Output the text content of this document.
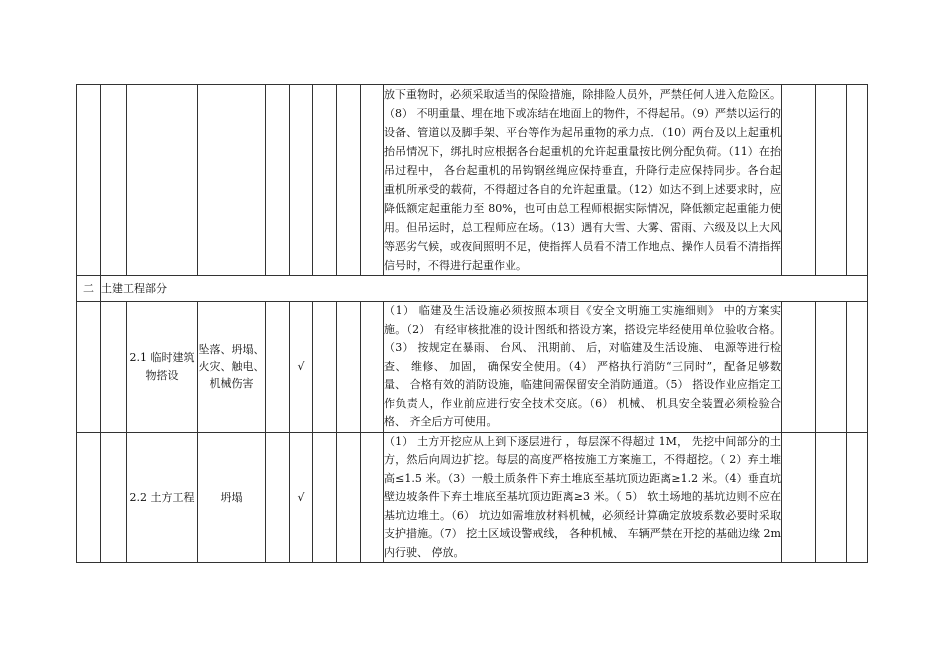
									放下重物时，必须采取适当的保险措施，除排险人员外，严禁任何人进入危险区。（8） 不明重量、埋在地下或冻结在地面上的物件，不得起吊。（9）严禁以运行的设备、管道以及脚手架、平台等作为起吊重物的承力点．（10）两台及以上起重机抬吊情况下，绑扎时应根据各台起重机的允许起重量按比例分配负荷。（11）在抬吊过程中， 各台起重机的吊钩钢丝绳应保持垂直，升降行走应保持同步。各台起重机所承受的载荷，不得超过各自的允许起重量。（12）如达不到上述要求时，应降低额定起重能力至 80%，也可由总工程师根据实际情况，降低额定起重能力使用。但吊运时，总工程师应在场。（13）遇有大雪、大雾、雷雨、六级及以上大风等恶劣气候，或夜间照明不足，使指挥人员看不清工作地点、操作人员看不清指挥信号时，不得进行起重作业。			
二	土建工程部分											
		2.1 临时建筑物搭设	坠落、坍塌、火灾、触电、机械伤害		√				（1） 临建及生活设施必须按照本项目《安全文明施工实施细则》 中的方案实施。（2） 有经审核批准的设计图纸和搭设方案，搭设完毕经使用单位验收合格。（3） 按规定在暴雨、 台风、 汛期前、 后，对临建及生活设施、 电源等进行检查、 维修、 加固， 确保安全使用。（4） 严格执行消防“三同时”，配备足够数量、 合格有效的消防设施，临建间需保留安全消防通道。（5） 搭设作业应指定工作负责人，作业前应进行安全技术交底。（6） 机械、 机具安全装置必须检验合格、 齐全后方可使用。			
		2.2 土方工程	坍塌		√				（1） 土方开挖应从上到下逐层进行 ，每层深不得超过 1M， 先挖中间部分的土方，然后向周边扩挖。每层的高度严格按施工方案施工，不得超挖。（ 2）弃土堆高≤1.5 米。（3）一般土质条件下弃土堆底至基坑顶边距离≥1.2 米。（4）垂直坑壁边坡条件下弃土堆底至基坑顶边距离≥3 米。（ 5） 软土场地的基坑边则不应在基坑边堆土。（6） 坑边如需堆放材料机械，必须经计算确定放坡系数必要时采取支护措施。（7） 挖土区域设警戒线， 各种机械、 车辆严禁在开挖的基础边缘 2m 内行驶、 停放。			
